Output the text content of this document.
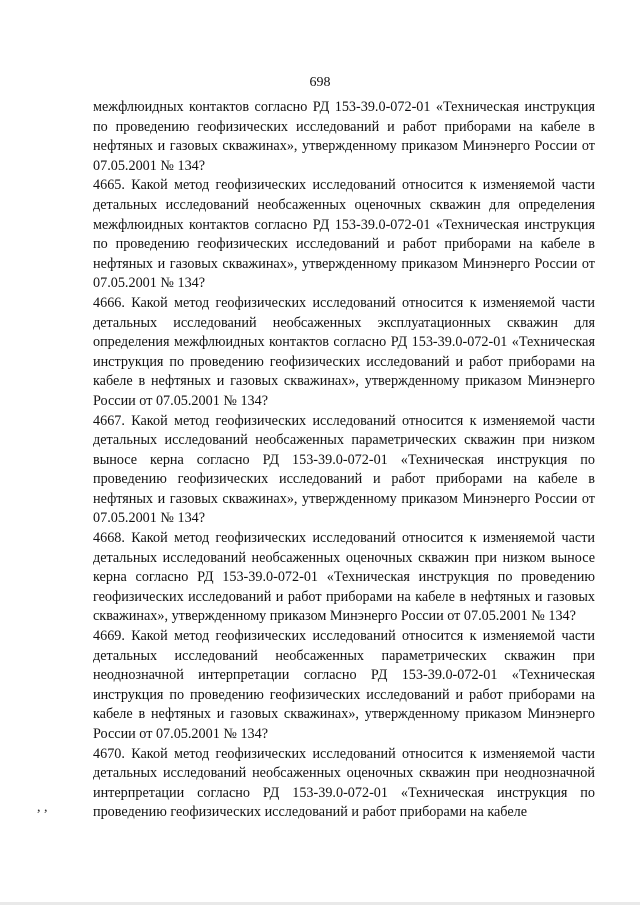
698

межфлюидных контактов согласно РД 153-39.0-072-01 «Техническая инструкция по проведению геофизических исследований и работ приборами на кабеле в нефтяных и газовых скважинах», утвержденному приказом Минэнерго России от 07.05.2001 № 134?

4665. Какой метод геофизических исследований относится к изменяемой части детальных исследований необсаженных оценочных скважин для определения межфлюидных контактов согласно РД 153-39.0-072-01 «Техническая инструкция по проведению геофизических исследований и работ приборами на кабеле в нефтяных и газовых скважинах», утвержденному приказом Минэнерго России от 07.05.2001 № 134?

4666. Какой метод геофизических исследований относится к изменяемой части детальных исследований необсаженных эксплуатационных скважин для определения межфлюидных контактов согласно РД 153-39.0-072-01 «Техническая инструкция по проведению геофизических исследований и работ приборами на кабеле в нефтяных и газовых скважинах», утвержденному приказом Минэнерго России от 07.05.2001 № 134?

4667. Какой метод геофизических исследований относится к изменяемой части детальных исследований необсаженных параметрических скважин при низком выносе керна согласно РД 153-39.0-072-01 «Техническая инструкция по проведению геофизических исследований и работ приборами на кабеле в нефтяных и газовых скважинах», утвержденному приказом Минэнерго России от 07.05.2001 № 134?

4668. Какой метод геофизических исследований относится к изменяемой части детальных исследований необсаженных оценочных скважин при низком выносе керна согласно РД 153-39.0-072-01 «Техническая инструкция по проведению геофизических исследований и работ приборами на кабеле в нефтяных и газовых скважинах», утвержденному приказом Минэнерго России от 07.05.2001 № 134?

4669. Какой метод геофизических исследований относится к изменяемой части детальных исследований необсаженных параметрических скважин при неоднозначной интерпретации согласно РД 153-39.0-072-01 «Техническая инструкция по проведению геофизических исследований и работ приборами на кабеле в нефтяных и газовых скважинах», утвержденному приказом Минэнерго России от 07.05.2001 № 134?

4670. Какой метод геофизических исследований относится к изменяемой части детальных исследований необсаженных оценочных скважин при неоднозначной интерпретации согласно РД 153-39.0-072-01 «Техническая инструкция по проведению геофизических исследований и работ приборами на кабеле

, ,
